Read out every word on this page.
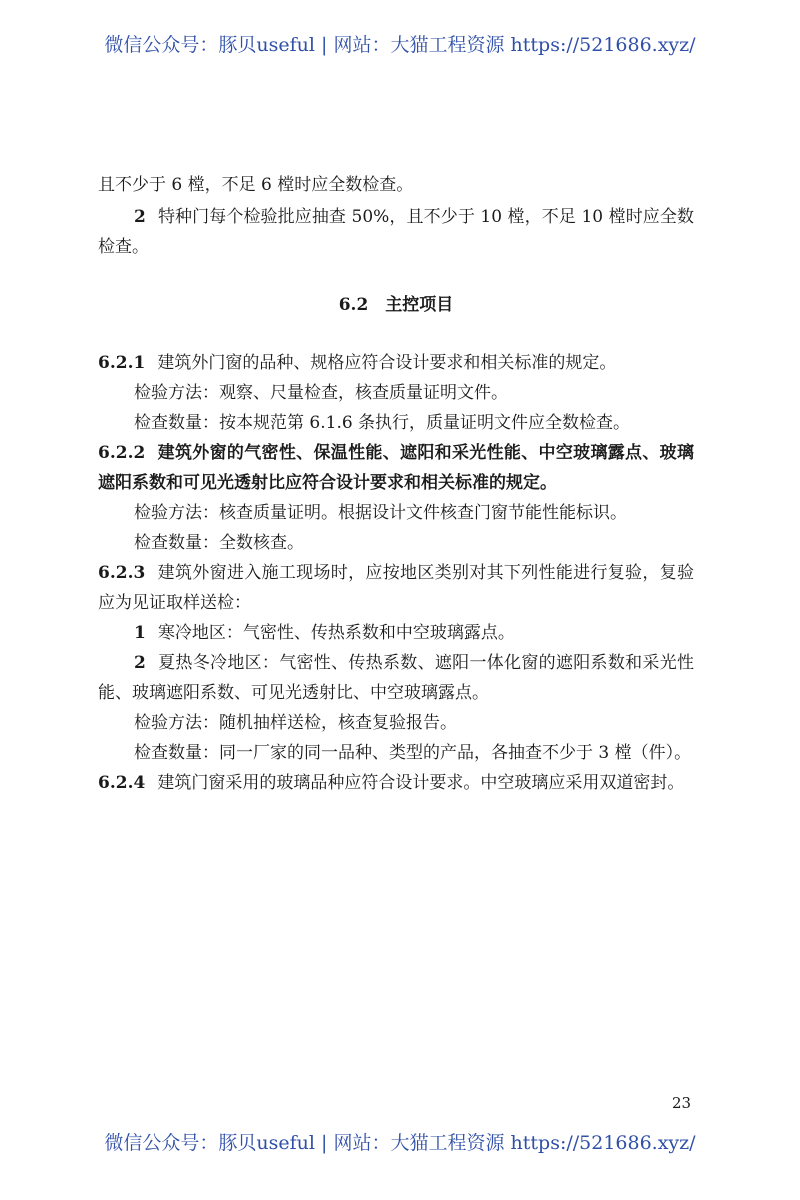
微信公众号：豚贝useful | 网站：大猫工程资源 https://521686.xyz/

且不少于 6 樘，不足 6 樘时应全数检查。

2 特种门每个检验批应抽查 50%，且不少于 10 樘，不足 10 樘时应全数检查。

6.2　主控项目

6.2.1 建筑外门窗的品种、规格应符合设计要求和相关标准的规定。

检验方法：观察、尺量检查，核查质量证明文件。

检查数量：按本规范第 6.1.6 条执行，质量证明文件应全数检查。

6.2.2 建筑外窗的气密性、保温性能、遮阳和采光性能、中空玻璃露点、玻璃遮阳系数和可见光透射比应符合设计要求和相关标准的规定。

检验方法：核查质量证明。根据设计文件核查门窗节能性能标识。

检查数量：全数核查。

6.2.3 建筑外窗进入施工现场时，应按地区类别对其下列性能进行复验，复验应为见证取样送检：

1 寒冷地区：气密性、传热系数和中空玻璃露点。

2 夏热冬冷地区：气密性、传热系数、遮阳一体化窗的遮阳系数和采光性能、玻璃遮阳系数、可见光透射比、中空玻璃露点。

检验方法：随机抽样送检，核查复验报告。

检查数量：同一厂家的同一品种、类型的产品，各抽查不少于 3 樘（件）。

6.2.4 建筑门窗采用的玻璃品种应符合设计要求。中空玻璃应采用双道密封。

23
微信公众号：豚贝useful | 网站：大猫工程资源 https://521686.xyz/
